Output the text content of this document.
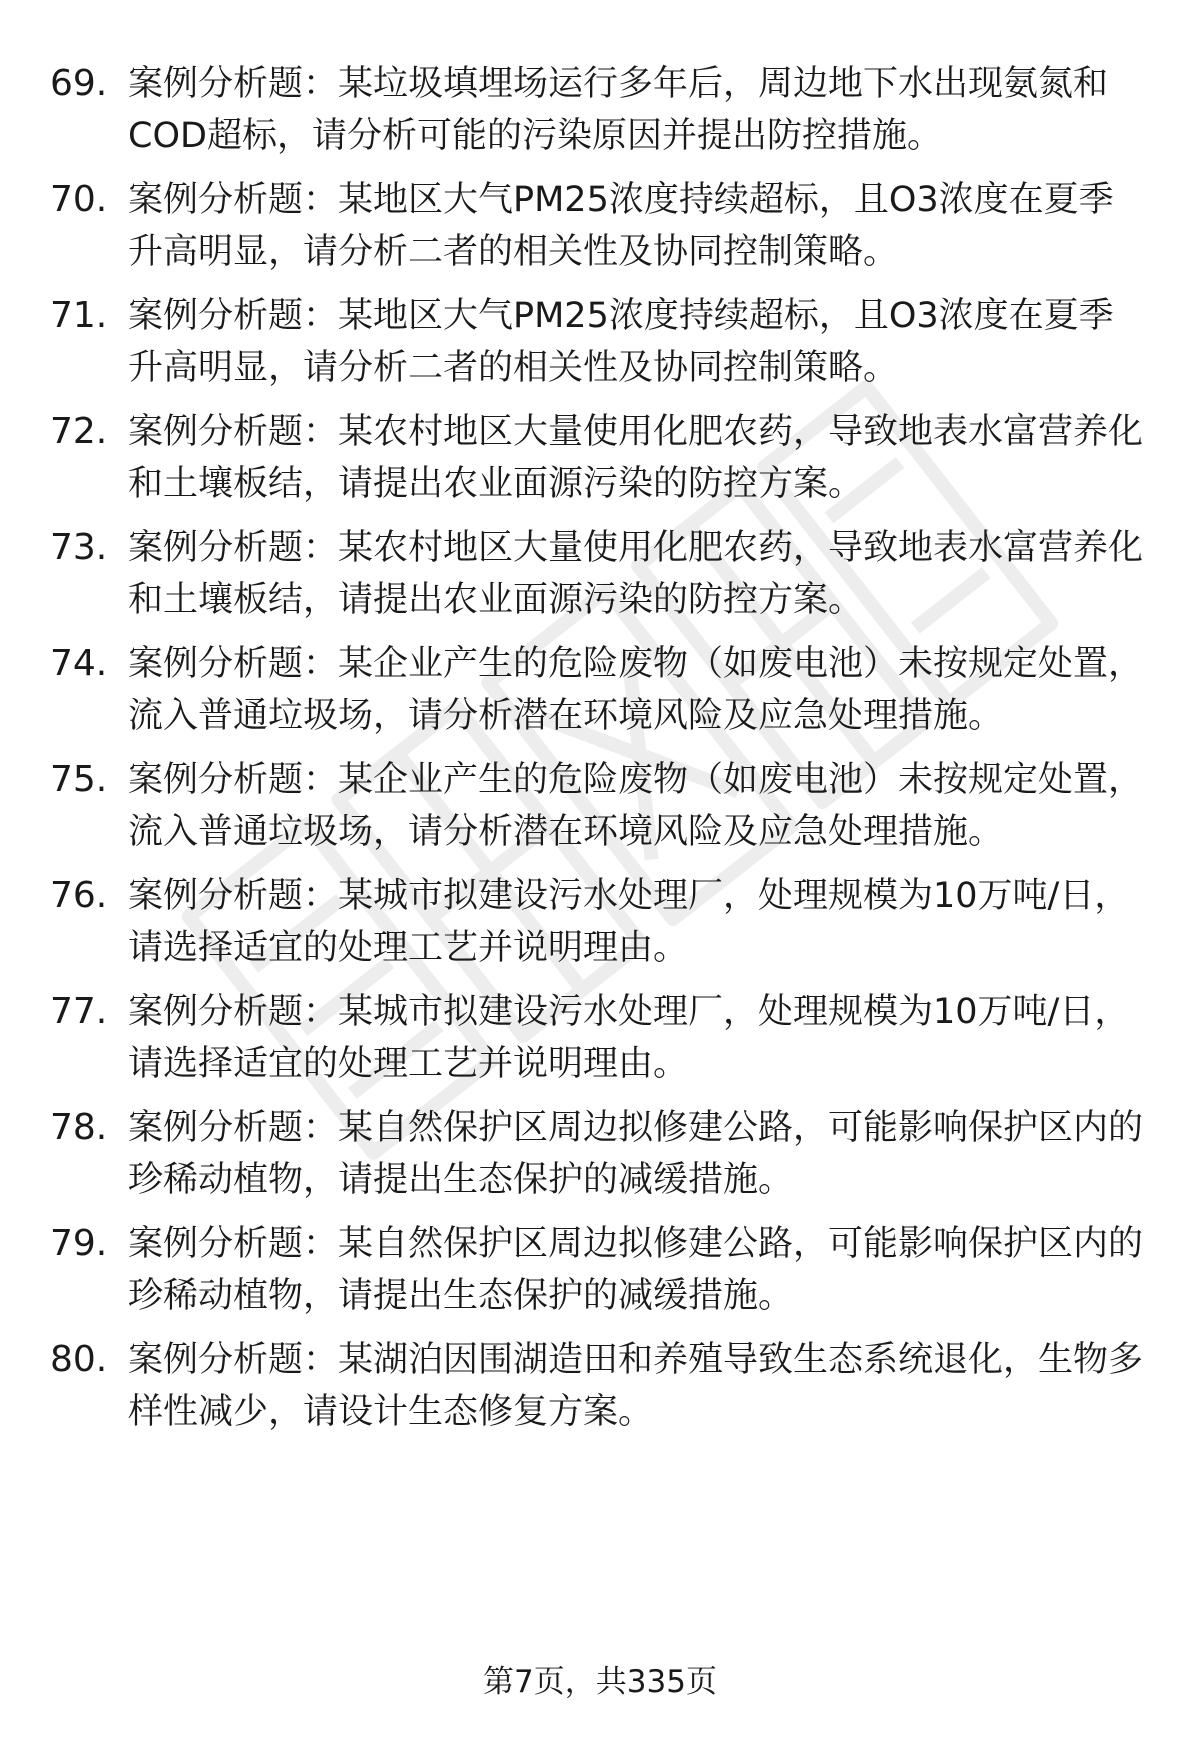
69. 案例分析题：某垃圾填埋场运行多年后，周边地下水出现氨氮和COD超标，请分析可能的污染原因并提出防控措施。

70. 案例分析题：某地区大气PM25浓度持续超标，且O3浓度在夏季升高明显，请分析二者的相关性及协同控制策略。

71. 案例分析题：某地区大气PM25浓度持续超标，且O3浓度在夏季升高明显，请分析二者的相关性及协同控制策略。

72. 案例分析题：某农村地区大量使用化肥农药，导致地表水富营养化和土壤板结，请提出农业面源污染的防控方案。

73. 案例分析题：某农村地区大量使用化肥农药，导致地表水富营养化和土壤板结，请提出农业面源污染的防控方案。

74. 案例分析题：某企业产生的危险废物（如废电池）未按规定处置，流入普通垃圾场，请分析潜在环境风险及应急处理措施。

75. 案例分析题：某企业产生的危险废物（如废电池）未按规定处置，流入普通垃圾场，请分析潜在环境风险及应急处理措施。

76. 案例分析题：某城市拟建设污水处理厂，处理规模为10万吨/日，请选择适宜的处理工艺并说明理由。

77. 案例分析题：某城市拟建设污水处理厂，处理规模为10万吨/日，请选择适宜的处理工艺并说明理由。

78. 案例分析题：某自然保护区周边拟修建公路，可能影响保护区内的珍稀动植物，请提出生态保护的减缓措施。

79. 案例分析题：某自然保护区周边拟修建公路，可能影响保护区内的珍稀动植物，请提出生态保护的减缓措施。

80. 案例分析题：某湖泊因围湖造田和养殖导致生态系统退化，生物多样性减少，请设计生态修复方案。

第7页，共335页
